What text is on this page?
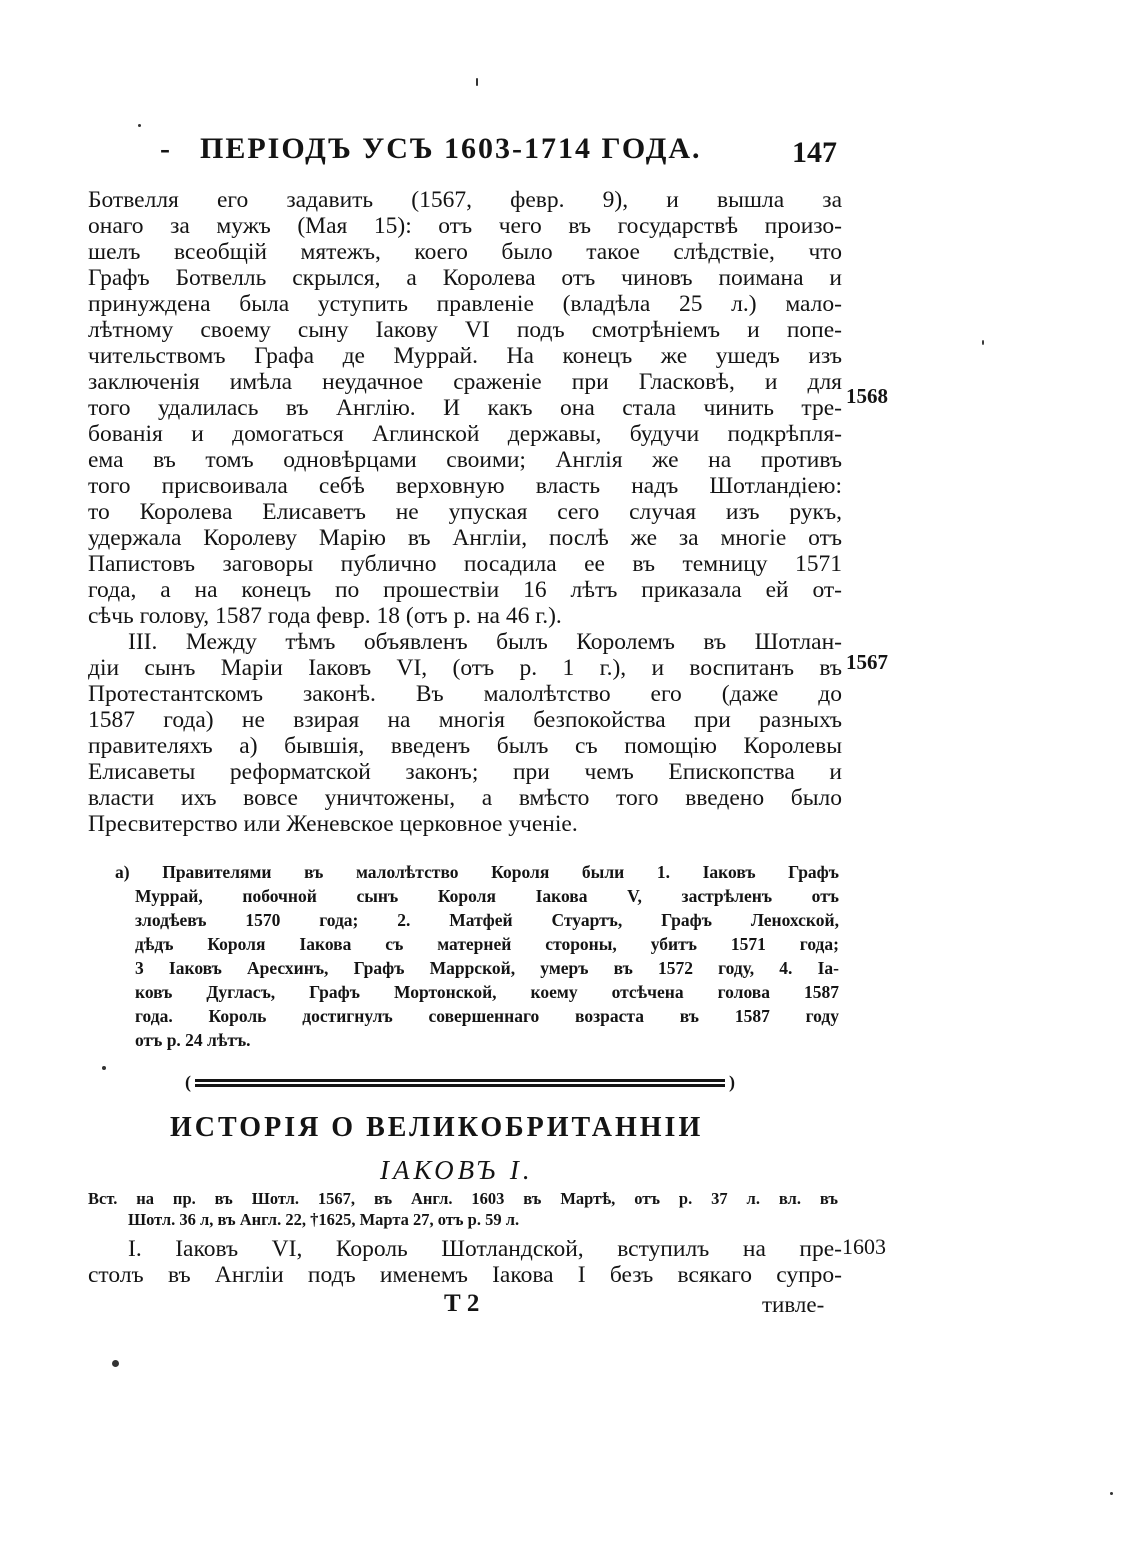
- ПЕРІОДЪ УСЪ 1603-1714 ГОДА.	147
Ботвелля его задавить (1567, февр. 9), и вышла за
онаго за мужъ (Мая 15): отъ чего въ государствѣ произо-
шелъ всеобщій мятежъ, коего было такое слѣдствіе, что
Графъ Ботвелль скрылся, а Королева отъ чиновъ поимана и
принуждена была уступить правленіе (владѣла 25 л.) мало-
лѣтному своему сыну Іакову VI подъ смотрѣніемъ и попе-
чительствомъ Графа де Муррай. На конецъ же ушедъ изъ
заключенія имѣла неудачное сраженіе при Гласковѣ, и для
того удалилась въ Англію. И какъ она стала чинить тре-
бованія и домогаться Аглинской державы, будучи подкрѣпля-
ема въ томъ одновѣрцами своими; Англія же на противъ
того присвоивала себѣ верховную власть надъ Шотландіею:
то Королева Елисаветъ не упуская сего случая изъ рукъ,
удержала Королеву Марію въ Англіи, послѣ же за многіе отъ
Папистовъ заговоры публично посадила ее въ темницу 1571
года, а на конецъ по прошествіи 16 лѣтъ приказала ей от-
сѣчь голову, 1587 года февр. 18 (отъ р. на 46 г.).
III. Между тѣмъ объявленъ былъ Королемъ въ Шотлан-
діи сынъ Маріи Іаковъ VI, (отъ р. 1 г.), и воспитанъ въ
Протестантскомъ законѣ. Въ малолѣтство его (даже до
1587 года) не взирая на многія безпокойства при разныхъ
правителяхъ а) бывшія, введенъ былъ съ помощію Королевы
Елисаветы реформатской законъ; при чемъ Епископства и
власти ихъ вовсе уничтожены, а вмѣсто того введено было
Пресвитерство или Женевское церковное ученіе.
1568
1567
1603
а) Правителями въ малолѣтство Короля были 1. Іаковъ Графъ
Муррай, побочной сынъ Короля Іакова V, застрѣленъ отъ
злодѣевъ 1570 года; 2. Матфей Стуартъ, Графъ Ленохской,
дѣдъ Короля Іакова съ матерней стороны, убитъ 1571 года;
3 Іаковъ Аресхинъ, Графъ Маррской, умеръ въ 1572 году, 4. Іа-
ковъ Дугласъ, Графъ Мортонской, коему отсѣчена голова 1587
года. Король достигнулъ совершеннаго возраста въ 1587 году
отъ р. 24 лѣтъ.
(	)
ИСТОРІЯ О ВЕЛИКОБРИТАННІИ
ІАКОВЪ I.
Вст. на пр. въ Шотл. 1567, въ Англ. 1603 въ Мартѣ, отъ р. 37 л. вл. въ
Шотл. 36 л, въ Англ. 22, †1625, Марта 27, отъ р. 59 л.
I. Іаковъ VI, Король Шотландской, вступилъ на пре-
столъ въ Англіи подъ именемъ Іакова I безъ всякаго супро-
Т 2	тивле-
